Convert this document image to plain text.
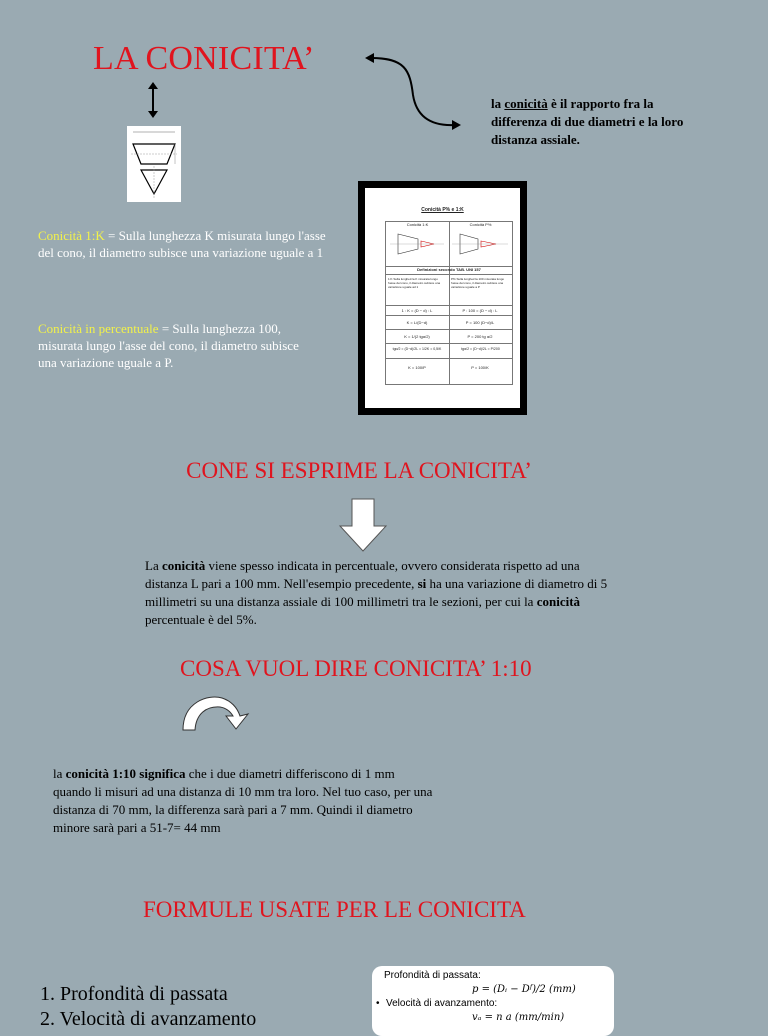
LA CONICITA’
la conicità è il rapporto fra la differenza di due diametri e la loro distanza assiale.
Conicità 1:K = Sulla lunghezza K misurata lungo l'asse del cono, il diametro subisce una variazione uguale a 1
Conicità in percentuale = Sulla lunghezza 100, misurata lungo l'asse del cono, il diametro subisce una variazione uguale a P.
Conicità P% e 1:K
Conicità 1:K	Conicità P%
Definizioni secondo TAB. UNI 157
1:K Sulla lunghezza K misurata lungo l'asse del cono, il diametro subisce una variazione uguale ad 1
P% Sulla lunghezza 100 misurata lungo l'asse del cono, il diametro subisce una variazione uguale a P
1 : K = (D − d) : L	P : 100 = (D − d) : L
K = L/(D−d)	P = 100 (D−d)/L
K = 1/(2 tgα/2)	P = 200 tg α/2
tgα/2 = (D−d)/2L = 1/2K = 0,5/K	tgα/2 = (D−d)/2L = P/200
K = 100/P	P = 100/K
CONE SI ESPRIME LA CONICITA’
La conicità viene spesso indicata in percentuale, ovvero considerata rispetto ad una distanza L pari a 100 mm. Nell'esempio precedente, si ha una variazione di diametro di 5 millimetri su una distanza assiale di 100 millimetri tra le sezioni, per cui la conicità percentuale è del 5%.
COSA VUOL DIRE CONICITA’ 1:10
la conicità 1:10 significa che i due diametri differiscono di 1 mm quando li misuri ad una distanza di 10 mm tra loro. Nel tuo caso, per una distanza di 70 mm, la differenza sarà pari a 7 mm. Quindi il diametro minore sarà pari a 51-7= 44 mm
FORMULE USATE PER LE CONICITA
1. Profondità di passata
2. Velocità di avanzamento
Profondità di passata:
p = (Dᵢ − Dᶠ)/2 (mm)
• Velocità di avanzamento:
vₐ = n a (mm/min)
